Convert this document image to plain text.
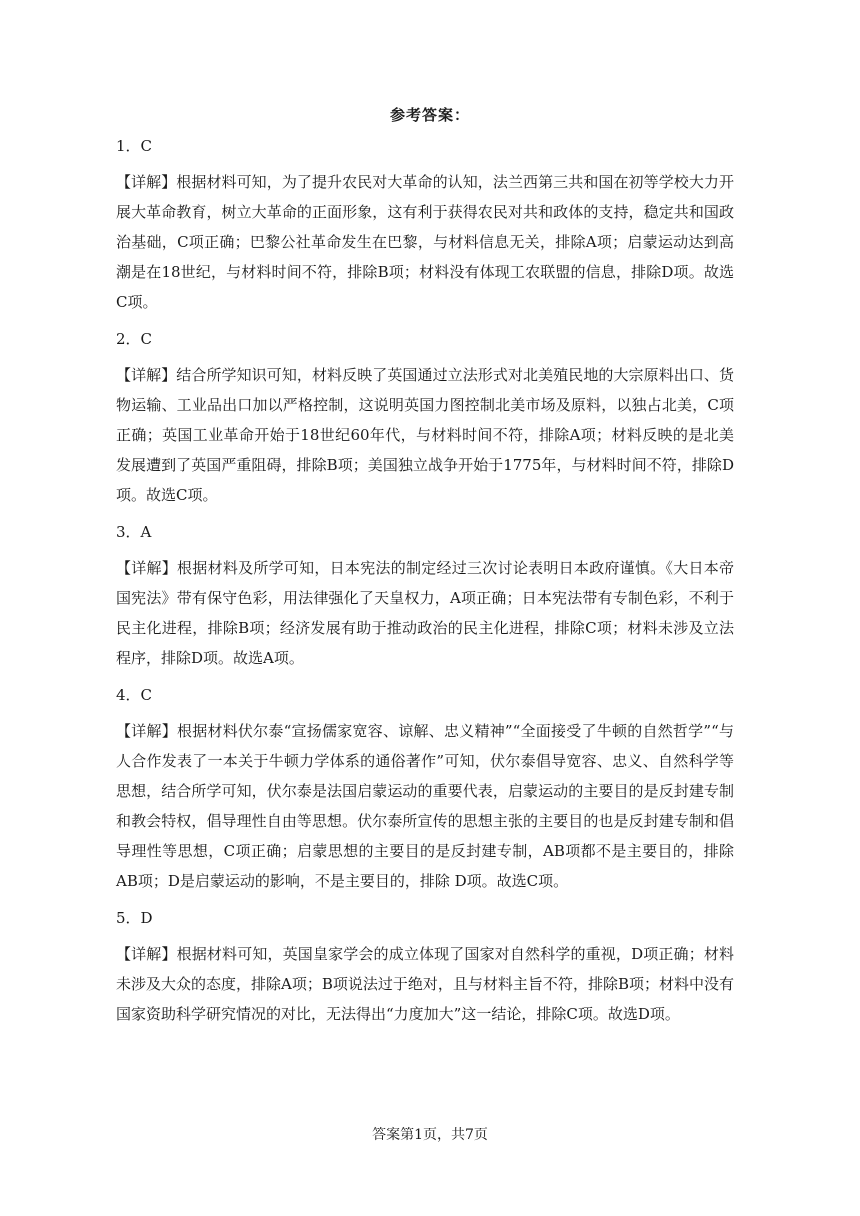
参考答案：
1．C
【详解】根据材料可知，为了提升农民对大革命的认知，法兰西第三共和国在初等学校大力开展大革命教育，树立大革命的正面形象，这有利于获得农民对共和政体的支持，稳定共和国政治基础，C项正确；巴黎公社革命发生在巴黎，与材料信息无关，排除A项；启蒙运动达到高潮是在18世纪，与材料时间不符，排除B项；材料没有体现工农联盟的信息，排除D项。故选C项。
2．C
【详解】结合所学知识可知，材料反映了英国通过立法形式对北美殖民地的大宗原料出口、货物运输、工业品出口加以严格控制，这说明英国力图控制北美市场及原料，以独占北美，C项正确；英国工业革命开始于18世纪60年代，与材料时间不符，排除A项；材料反映的是北美发展遭到了英国严重阻碍，排除B项；美国独立战争开始于1775年，与材料时间不符，排除D项。故选C项。
3．A
【详解】根据材料及所学可知，日本宪法的制定经过三次讨论表明日本政府谨慎。《大日本帝国宪法》带有保守色彩，用法律强化了天皇权力，A项正确；日本宪法带有专制色彩，不利于民主化进程，排除B项；经济发展有助于推动政治的民主化进程，排除C项；材料未涉及立法程序，排除D项。故选A项。
4．C
【详解】根据材料伏尔泰“宣扬儒家宽容、谅解、忠义精神”“全面接受了牛顿的自然哲学”“与人合作发表了一本关于牛顿力学体系的通俗著作”可知，伏尔泰倡导宽容、忠义、自然科学等思想，结合所学可知，伏尔泰是法国启蒙运动的重要代表，启蒙运动的主要目的是反封建专制和教会特权，倡导理性自由等思想。伏尔泰所宣传的思想主张的主要目的也是反封建专制和倡导理性等思想，C项正确；启蒙思想的主要目的是反封建专制，AB项都不是主要目的，排除AB项；D是启蒙运动的影响，不是主要目的，排除 D项。故选C项。
5．D
【详解】根据材料可知，英国皇家学会的成立体现了国家对自然科学的重视，D项正确；材料未涉及大众的态度，排除A项；B项说法过于绝对，且与材料主旨不符，排除B项；材料中没有国家资助科学研究情况的对比，无法得出“力度加大”这一结论，排除C项。故选D项。
答案第1页，共7页
